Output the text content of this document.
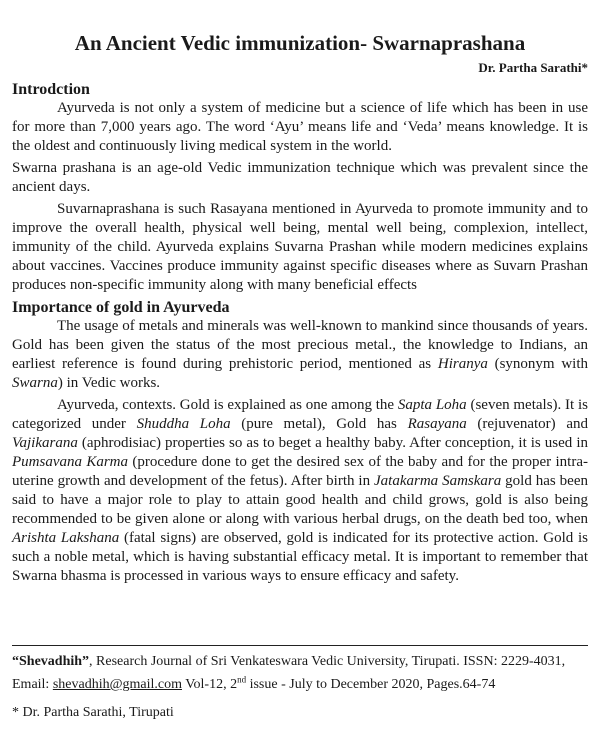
An Ancient Vedic immunization- Swarnaprashana
Dr. Partha Sarathi*
Introdction

Ayurveda is not only a system of medicine but a science of life which has been in use for more than 7,000 years ago. The word ‘Ayu’ means life and ‘Veda’ means knowledge. It is the oldest and continuously living medical system in the world.

Swarna prashana is an age-old Vedic immunization technique which was prevalent since the ancient days.

Suvarnaprashana is such Rasayana mentioned in Ayurveda to promote immunity and to improve the overall health, physical well being, mental well being, complexion, intellect, immunity of the child. Ayurveda explains Suvarna Prashan while modern medicines explains about vaccines. Vaccines produce immunity against specific diseases where as Suvarn Prashan produces non-specific immunity along with many beneficial effects

Importance of gold in Ayurveda

The usage of metals and minerals was well-known to mankind since thousands of years. Gold has been given the status of the most precious metal., the knowledge to Indians, an earliest reference is found during prehistoric period, mentioned as Hiranya (synonym with Swarna) in Vedic works.

Ayurveda, contexts. Gold is explained as one among the Sapta Loha (seven metals). It is categorized under Shuddha Loha (pure metal), Gold has Rasayana (rejuvenator) and Vajikarana (aphrodisiac) properties so as to beget a healthy baby. After conception, it is used in Pumsavana Karma (procedure done to get the desired sex of the baby and for the proper intra-uterine growth and development of the fetus). After birth in Jatakarma Samskara gold has been said to have a major role to play to attain good health and child grows, gold is also being recommended to be given alone or along with various herbal drugs, on the death bed too, when Arishta Lakshana (fatal signs) are observed, gold is indicated for its protective action. Gold is such a noble metal, which is having substantial efficacy metal. It is important to remember that Swarna bhasma is processed in various ways to ensure efficacy and safety.

“Shevadhih”, Research Journal of Sri Venkateswara Vedic University, Tirupati. ISSN: 2229-4031,
Email: shevadhih@gmail.com Vol-12, 2nd issue - July to December 2020, Pages.64-74
* Dr. Partha Sarathi, Tirupati
